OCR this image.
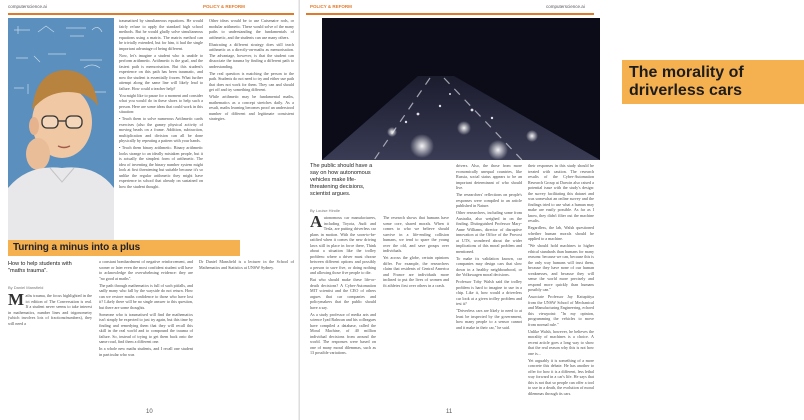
computerscience.ai	POLICY & REFORM
Turning a minus into a plus
How to help students with "maths trauma".
By Daniel Mansfield

Maths trauma, the focus highlighted in the ict edition of The Conversation is real. If a student never seems to take interest in mathematics, number lines and trigonometry (which involves lots of fractions/numbers), they will need a

a constant bombardment of negative reinforcement, and sooner or later even the most confident student will have to acknowledge the overwhelming evidence: they are "no good at maths".

The path through mathematics is full of such pitfalls, and sadly many who fall by the wayside do not return. How can we restore maths confidence to those who have lost it? Likely there will be no single answer to this question, but there are some thoughts.

Someone who is traumatised will find the mathematics isn't simply be expected to just try again, but this time by finding and remedying them that they will recall this skill in the real world and to compound the trauma of failure. So, instead of trying to get them back onto the same road, find them a different one.

In a whole new maths students, and I recall one student in particular who was

Dr Daniel Mansfield is a lecturer in the School of Mathematics and Statistics at UNSW Sydney.

traumatised by simultaneous equations. He would fairly refuse to apply the standard high school methods. But he would gladly solve simultaneous equations using a matrix. The matrix method can be trivially extended, but for him, it had the single important advantage of being different.

Now, let's imagine a student who is unable to perform arithmetic. Arithmetic is the goal, and the fastest path is memorisation. But this student's experience on this path has been traumatic, and now the student is essentially frozen. What further attempt along the same line will likely lead to failure. How could a teacher help?

You might like to pause for a moment and consider what you would do in these shoes to help such a person. Here are some ideas that could work in this situation:

• Teach them to solve numerous Arithmetic cards exercises (also the gamey physical activity of moving beads on a frame. Addition, subtraction, multiplication and division can all be done physically by repeating a pattern with your hands.

• Teach them binary arithmetic. Binary arithmetic looks strange to an ideally mistaken people, but it is actually the simplest form of arithmetic. The idea of inventing the binary number system might look at first threatening but suitable because it's so unlike the regular arithmetic they might have experience in school that already on sustained on how the student thought.

Other ideas would be to use Cuisenaire rods, or modular arithmetic. These would solve of the many paths to understanding the fundamentals of arithmetic, and the students can use many others.

Illustrating a different strategy does still teach arithmetic as a directly-on-maths as memorisation. The advantage, however, is that the student can dissociate the trauma by finding a different path to understanding.

The real question is matching the person to the path. Students do not need to try and either use path that does not work for them. They can and should get off and try something different.

While arithmetic may be fundamental maths, mathematics as a concept stretches daily. As a result, maths learning becomes proof an understood number of different and legitimate consistent strategies.

10
POLICY & REFORM	computerscience.ai
The morality of driverless cars
The public should have a say on how autonomous vehicles make life-threatening decisions, scientist argues.
By Louise Hindle

Autonomous car manufacturers, including Toyota, Audi and Tesla, are putting driverless car plans in motion. With the soon-to-be-ratified when it comes the new driving laws still in place in force there, Think about a situation like the trolley problem: where a driver must choose between different options and possibly a person to save five, or doing nothing and allowing those five people to die.

But who should make these life-or-death decisions? A Cyber-Automation MIT scientist and the CEO of others argues that car companies and policymakers that the public should have a say.

As a study professor of media arts and science Iyad Rahwan and his colleagues have compiled a database, called the Moral Machine, of 40 million individual decisions from around the world. The responses were based on one of many moral dilemmas, such as 13 possible variations.

The research shows that humans have some core, shared morals. When it comes to who we believe should survive in a life-ending collision humans, we tend to spare the young over the old, and save groups over individuals.

Yet across the globe, certain opinions differ. For example, the researchers claim that residents of Central America and France are individuals more inclined to put the lives of women and fit athletes first over others in a crash.

drivers. Also, the those from more economically unequal countries, like Russia, social status appears to be an important determinant of who should live.

The researchers' reflections on people's responses were compiled to an article published in Nature.

Other researchers, including some from Australia, also weighed in on the finding. Distinguished Professor Mary-Anne Williams, director of disruptive innovation at the Office of the Provost at UTS, wondered about the wider implications of this moral problem and mentioned.

To make its validation known, car companies may design cars that slow down in a healthy neighbourhood, or the Volkswagen moral decisions.

Professor Toby Walsh said the trolley problem is hard to imagine to use in a chip. Like it, how would a driverless car look at a given trolley problem and test it?

"Driverless cars are likely to need to at least be inspected by the government, how many people to a sensor cannot and it make in their car," he said.

their responses in this study should be treated with caution. The research results of the Cyber-Automation Research Group at Darwin also raised a potential issue with the study's design: the survey facilitating this dataset and was somewhat an online survey and the findings tried to use what a human may make are easily possible. As far as I know, they didn't filter out the machine results.

Regardless, the lab, Walsh questioned whether human morals should be applied to a machine.

"We should hold machines to higher ethical standards than humans for many reasons: because we can, because this is the only way humans will trust them, because they have none of our human weaknesses, and because they will sense the world more precisely and respond more quickly than humans possibly can."

Associate Professor Jay Katupitiya from the UNSW School of Mechanical and Manufacturing Engineering, echoed this viewpoint: "In my opinion, programming the vehicles to move from normal rule."

Unlike Walsh, however, he believes the morality of machines is a choice. A recent article goes a long way to show that the real reason why this is not how one is...

Yet arguably it is something of a more concrete this debate. He has another to offer for how it is a different, less lethal way forward in a car's life. He says that this is not that so people can offer a tool to use in a death, the evolution of moral dilemmas through its cars.

11
